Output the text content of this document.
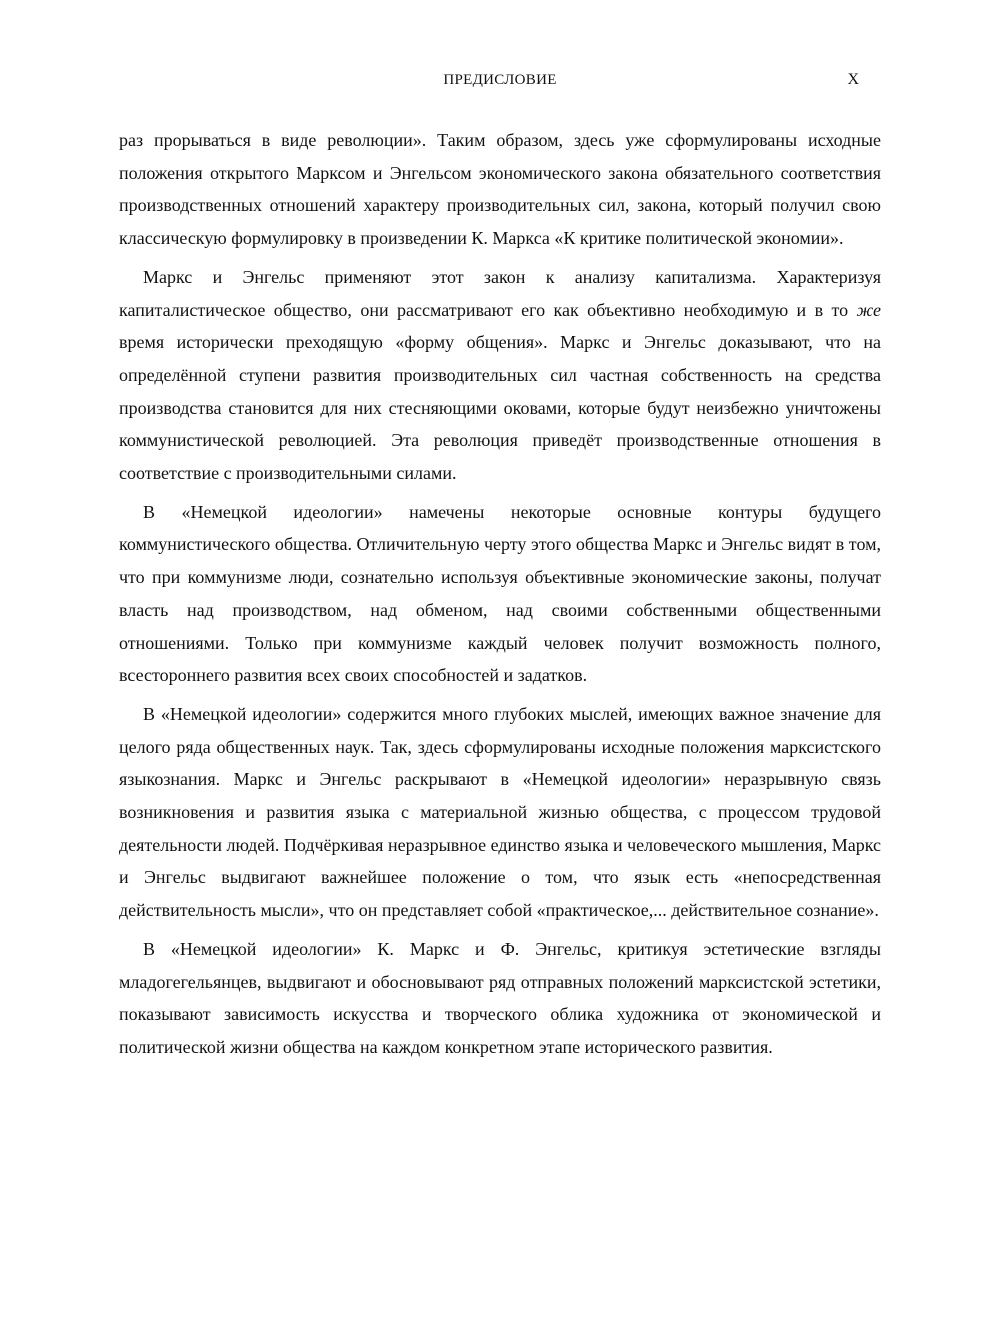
ПРЕДИСЛОВИЕ	X

раз прорываться в виде революции». Таким образом, здесь уже сформулированы исходные положения открытого Марксом и Энгельсом экономического закона обязательного соответствия производственных отношений характеру производительных сил, закона, который получил свою классическую формулировку в произведении К. Маркса «К критике политической экономии».

Маркс и Энгельс применяют этот закон к анализу капитализма. Характеризуя капиталистическое общество, они рассматривают его как объективно необходимую и в то же время исторически преходящую «форму общения». Маркс и Энгельс доказывают, что на определённой ступени развития производительных сил частная собственность на средства производства становится для них стесняющими оковами, которые будут неизбежно уничтожены коммунистической революцией. Эта революция приведёт производственные отношения в соответствие с производительными силами.

В «Немецкой идеологии» намечены некоторые основные контуры будущего коммунистического общества. Отличительную черту этого общества Маркс и Энгельс видят в том, что при коммунизме люди, сознательно используя объективные экономические законы, получат власть над производством, над обменом, над своими собственными общественными отношениями. Только при коммунизме каждый человек получит возможность полного, всестороннего развития всех своих способностей и задатков.

В «Немецкой идеологии» содержится много глубоких мыслей, имеющих важное значение для целого ряда общественных наук. Так, здесь сформулированы исходные положения марксистского языкознания. Маркс и Энгельс раскрывают в «Немецкой идеологии» неразрывную связь возникновения и развития языка с материальной жизнью общества, с процессом трудовой деятельности людей. Подчёркивая неразрывное единство языка и человеческого мышления, Маркс и Энгельс выдвигают важнейшее положение о том, что язык есть «непосредственная действительность мысли», что он представляет собой «практическое,... действительное сознание».

В «Немецкой идеологии» К. Маркс и Ф. Энгельс, критикуя эстетические взгляды младогегельянцев, выдвигают и обосновывают ряд отправных положений марксистской эстетики, показывают зависимость искусства и творческого облика художника от экономической и политической жизни общества на каждом конкретном этапе исторического развития.
